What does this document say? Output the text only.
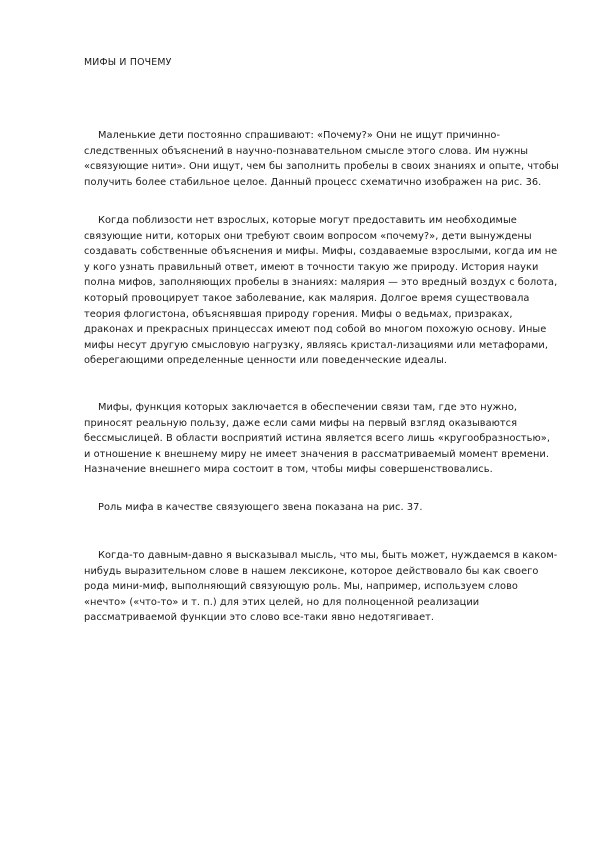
МИФЫ И ПОЧЕМУ

Маленькие дети постоянно спрашивают: «Почему?» Они не ищут причинно-следственных объяснений в научно-познавательном смысле этого слова. Им нужны «связующие нити». Они ищут, чем бы заполнить пробелы в своих знаниях и опыте, чтобы получить более стабильное целое. Данный процесс схематично изображен на рис. 36.

Когда поблизости нет взрослых, которые могут предоставить им необходимые связующие нити, которых они требуют своим вопросом «почему?», дети вынуждены создавать собственные объяснения и мифы. Мифы, создаваемые взрослыми, когда им не у кого узнать правильный ответ, имеют в точности такую же природу. История науки полна мифов, заполняющих пробелы в знаниях: малярия — это вредный воздух с болота, который провоцирует такое заболевание, как малярия. Долгое время существовала теория флогистона, объяснявшая природу горения. Мифы о ведьмах, призраках, драконах и прекрасных принцессах имеют под собой во многом похожую основу. Иные мифы несут другую смысловую нагрузку, являясь кристал-лизациями или метафорами, оберегающими определенные ценности или поведенческие идеалы.

Мифы, функция которых заключается в обеспечении связи там, где это нужно, приносят реальную пользу, даже если сами мифы на первый взгляд оказываются бессмыслицей. В области восприятий истина является всего лишь «кругообразностью», и отношение к внешнему миру не имеет значения в рассматриваемый момент времени. Назначение внешнего мира состоит в том, чтобы мифы совершенствовались.

Роль мифа в качестве связующего звена показана на рис. 37.

Когда-то давным-давно я высказывал мысль, что мы, быть может, нуждаемся в каком-нибудь выразительном слове в нашем лексиконе, которое действовало бы как своего рода мини-миф, выполняющий связующую роль. Мы, например, используем слово «нечто» («что-то» и т. п.) для этих целей, но для полноценной реализации рассматриваемой функции это слово все-таки явно недотягивает.
